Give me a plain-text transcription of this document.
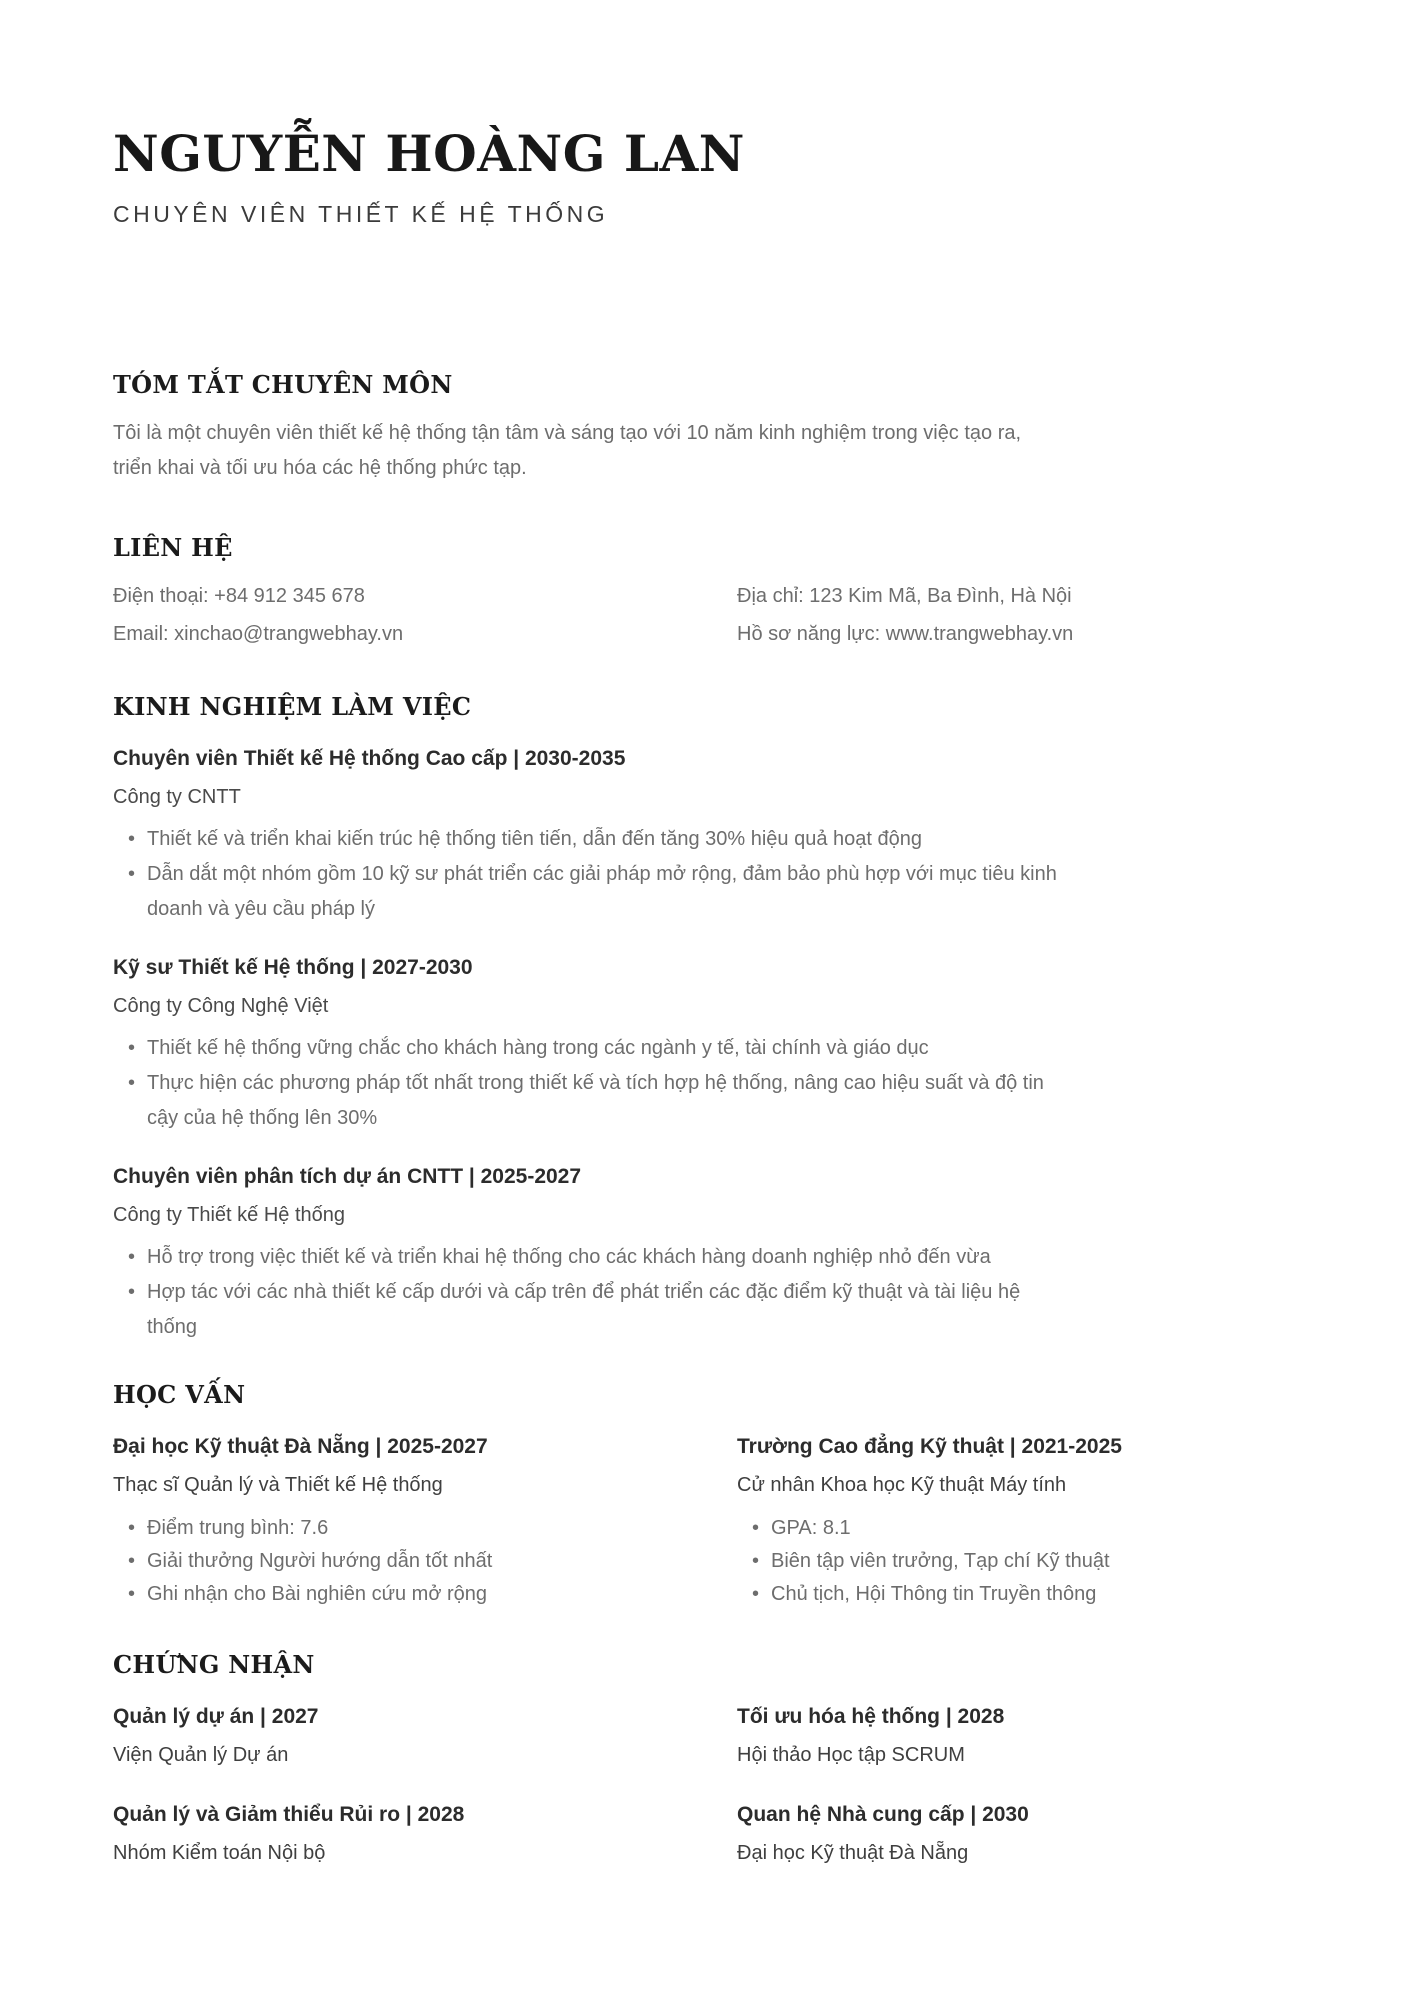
NGUYỄN HOÀNG LAN
CHUYÊN VIÊN THIẾT KẾ HỆ THỐNG
TÓM TẮT CHUYÊN MÔN

Tôi là một chuyên viên thiết kế hệ thống tận tâm và sáng tạo với 10 năm kinh nghiệm trong việc tạo ra, triển khai và tối ưu hóa các hệ thống phức tạp.

LIÊN HỆ

Điện thoại: +84 912 345 678

Email: xinchao@trangwebhay.vn

Địa chỉ: 123 Kim Mã, Ba Đình, Hà Nội

Hồ sơ năng lực: www.trangwebhay.vn

KINH NGHIỆM LÀM VIỆC
Chuyên viên Thiết kế Hệ thống Cao cấp | 2030-2035
Công ty CNTT
• Thiết kế và triển khai kiến trúc hệ thống tiên tiến, dẫn đến tăng 30% hiệu quả hoạt động
• Dẫn dắt một nhóm gồm 10 kỹ sư phát triển các giải pháp mở rộng, đảm bảo phù hợp với mục tiêu kinh doanh và yêu cầu pháp lý
Kỹ sư Thiết kế Hệ thống | 2027-2030
Công ty Công Nghệ Việt
• Thiết kế hệ thống vững chắc cho khách hàng trong các ngành y tế, tài chính và giáo dục
• Thực hiện các phương pháp tốt nhất trong thiết kế và tích hợp hệ thống, nâng cao hiệu suất và độ tin cậy của hệ thống lên 30%
Chuyên viên phân tích dự án CNTT | 2025-2027
Công ty Thiết kế Hệ thống
• Hỗ trợ trong việc thiết kế và triển khai hệ thống cho các khách hàng doanh nghiệp nhỏ đến vừa
• Hợp tác với các nhà thiết kế cấp dưới và cấp trên để phát triển các đặc điểm kỹ thuật và tài liệu hệ thống
HỌC VẤN
Đại học Kỹ thuật Đà Nẵng | 2025-2027
Thạc sĩ Quản lý và Thiết kế Hệ thống
• Điểm trung bình: 7.6
• Giải thưởng Người hướng dẫn tốt nhất
• Ghi nhận cho Bài nghiên cứu mở rộng
Trường Cao đẳng Kỹ thuật | 2021-2025
Cử nhân Khoa học Kỹ thuật Máy tính
• GPA: 8.1
• Biên tập viên trưởng, Tạp chí Kỹ thuật
• Chủ tịch, Hội Thông tin Truyền thông
CHỨNG NHẬN
Quản lý dự án | 2027
Viện Quản lý Dự án
Tối ưu hóa hệ thống | 2028
Hội thảo Học tập SCRUM
Quản lý và Giảm thiểu Rủi ro | 2028
Nhóm Kiểm toán Nội bộ
Quan hệ Nhà cung cấp | 2030
Đại học Kỹ thuật Đà Nẵng
